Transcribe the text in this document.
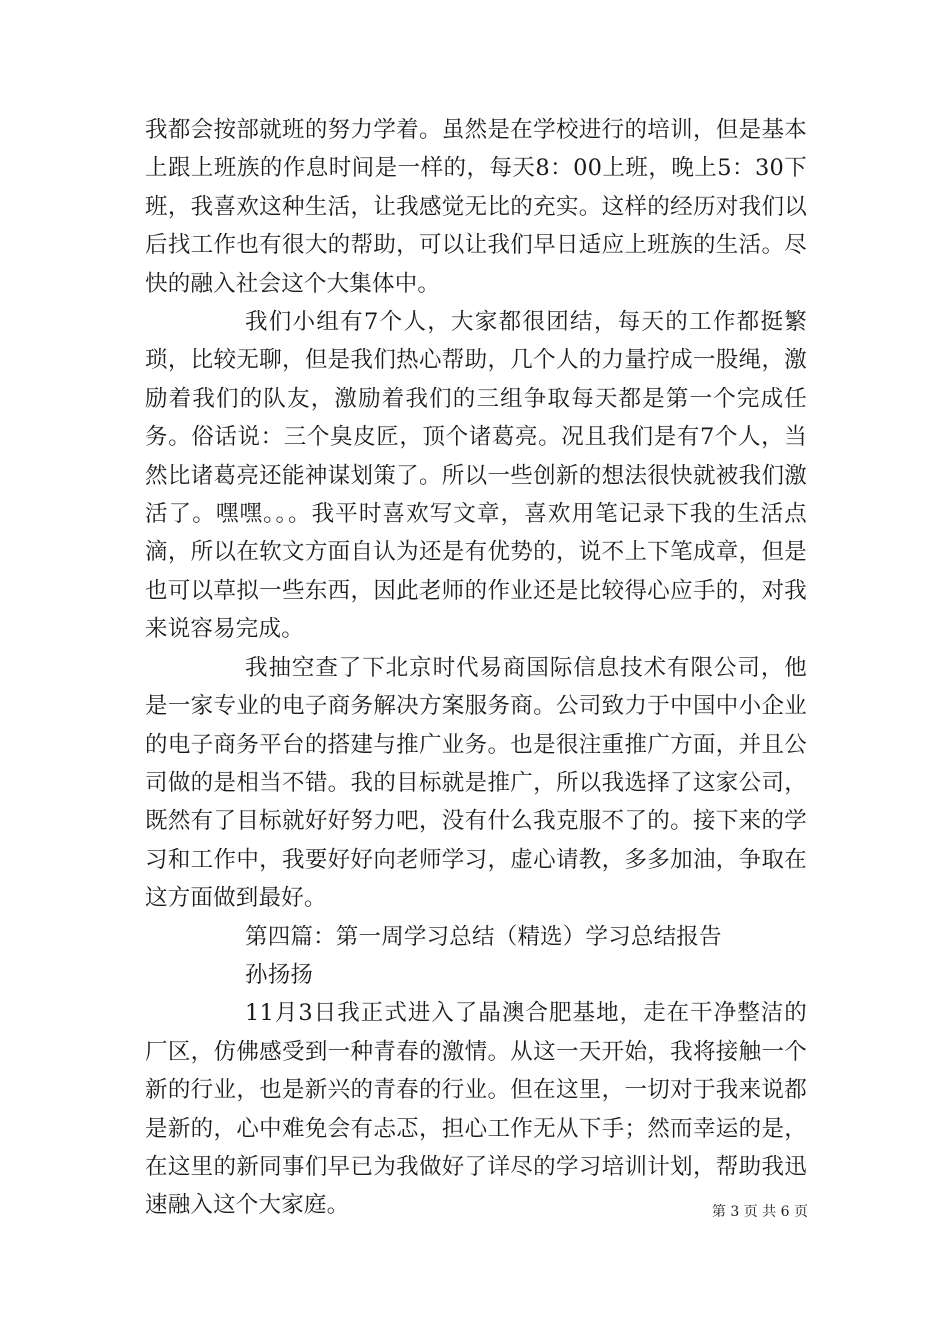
我都会按部就班的努力学着。虽然是在学校进行的培训，但是基本上跟上班族的作息时间是一样的，每天8：00上班，晚上5：30下班，我喜欢这种生活，让我感觉无比的充实。这样的经历对我们以后找工作也有很大的帮助，可以让我们早日适应上班族的生活。尽快的融入社会这个大集体中。

我们小组有7个人，大家都很团结，每天的工作都挺繁琐，比较无聊，但是我们热心帮助，几个人的力量拧成一股绳，激励着我们的队友，激励着我们的三组争取每天都是第一个完成任务。俗话说：三个臭皮匠，顶个诸葛亮。况且我们是有7个人，当然比诸葛亮还能神谋划策了。所以一些创新的想法很快就被我们激活了。嘿嘿。。。我平时喜欢写文章，喜欢用笔记录下我的生活点滴，所以在软文方面自认为还是有优势的，说不上下笔成章，但是也可以草拟一些东西，因此老师的作业还是比较得心应手的，对我来说容易完成。

我抽空查了下北京时代易商国际信息技术有限公司，他是一家专业的电子商务解决方案服务商。公司致力于中国中小企业的电子商务平台的搭建与推广业务。也是很注重推广方面，并且公司做的是相当不错。我的目标就是推广，所以我选择了这家公司，既然有了目标就好好努力吧，没有什么我克服不了的。接下来的学习和工作中，我要好好向老师学习，虚心请教，多多加油，争取在这方面做到最好。

第四篇：第一周学习总结（精选）学习总结报告

孙扬扬

11月3日我正式进入了晶澳合肥基地，走在干净整洁的厂区，仿佛感受到一种青春的激情。从这一天开始，我将接触一个新的行业，也是新兴的青春的行业。但在这里，一切对于我来说都是新的，心中难免会有忐忑，担心工作无从下手；然而幸运的是，在这里的新同事们早已为我做好了详尽的学习培训计划，帮助我迅速融入这个大家庭。	第 3 页 共 6 页
